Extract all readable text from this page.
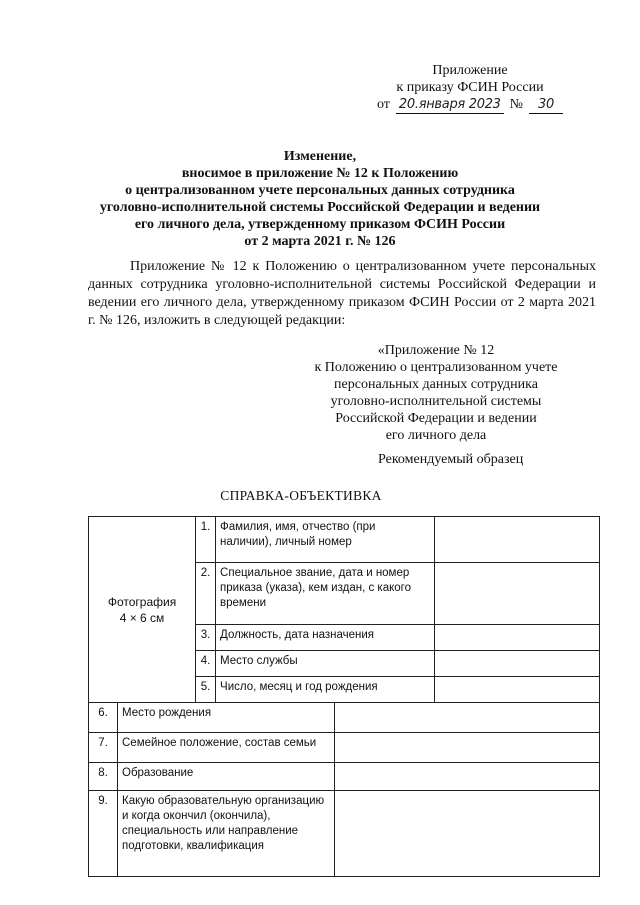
Приложение
к приказу ФСИН России
от 20.января 2023 №	30
Изменение,
вносимое в приложение № 12 к Положению
о централизованном учете персональных данных сотрудника
уголовно-исполнительной системы Российской Федерации и ведении
его личного дела, утвержденному приказом ФСИН России
от 2 марта 2021 г. № 126
Приложение № 12 к Положению о централизованном учете персональных данных сотрудника уголовно-исполнительной системы Российской Федерации и ведении его личного дела, утвержденному приказом ФСИН России от 2 марта 2021 г. № 126, изложить в следующей редакции:
«Приложение № 12
к Положению о централизованном учете
персональных данных сотрудника
уголовно-исполнительной системы
Российской Федерации и ведении
его личного дела
Рекомендуемый образец
СПРАВКА-ОБЪЕКТИВКА
Фотография
4 × 6 см		1.	Фамилия, имя, отчество (при наличии), личный номер		
		2.	Специальное звание, дата и номер приказа (указа), кем издан, с какого времени		
		3.	Должность, дата назначения		
		4.	Место службы		
		5.	Число, месяц и год рождения		
6.	Место рождения				
7.	Семейное положение, состав семьи				
8.	Образование				
9.	Какую образовательную организацию и когда окончил (окончила), специальность или направление подготовки, квалификация				
